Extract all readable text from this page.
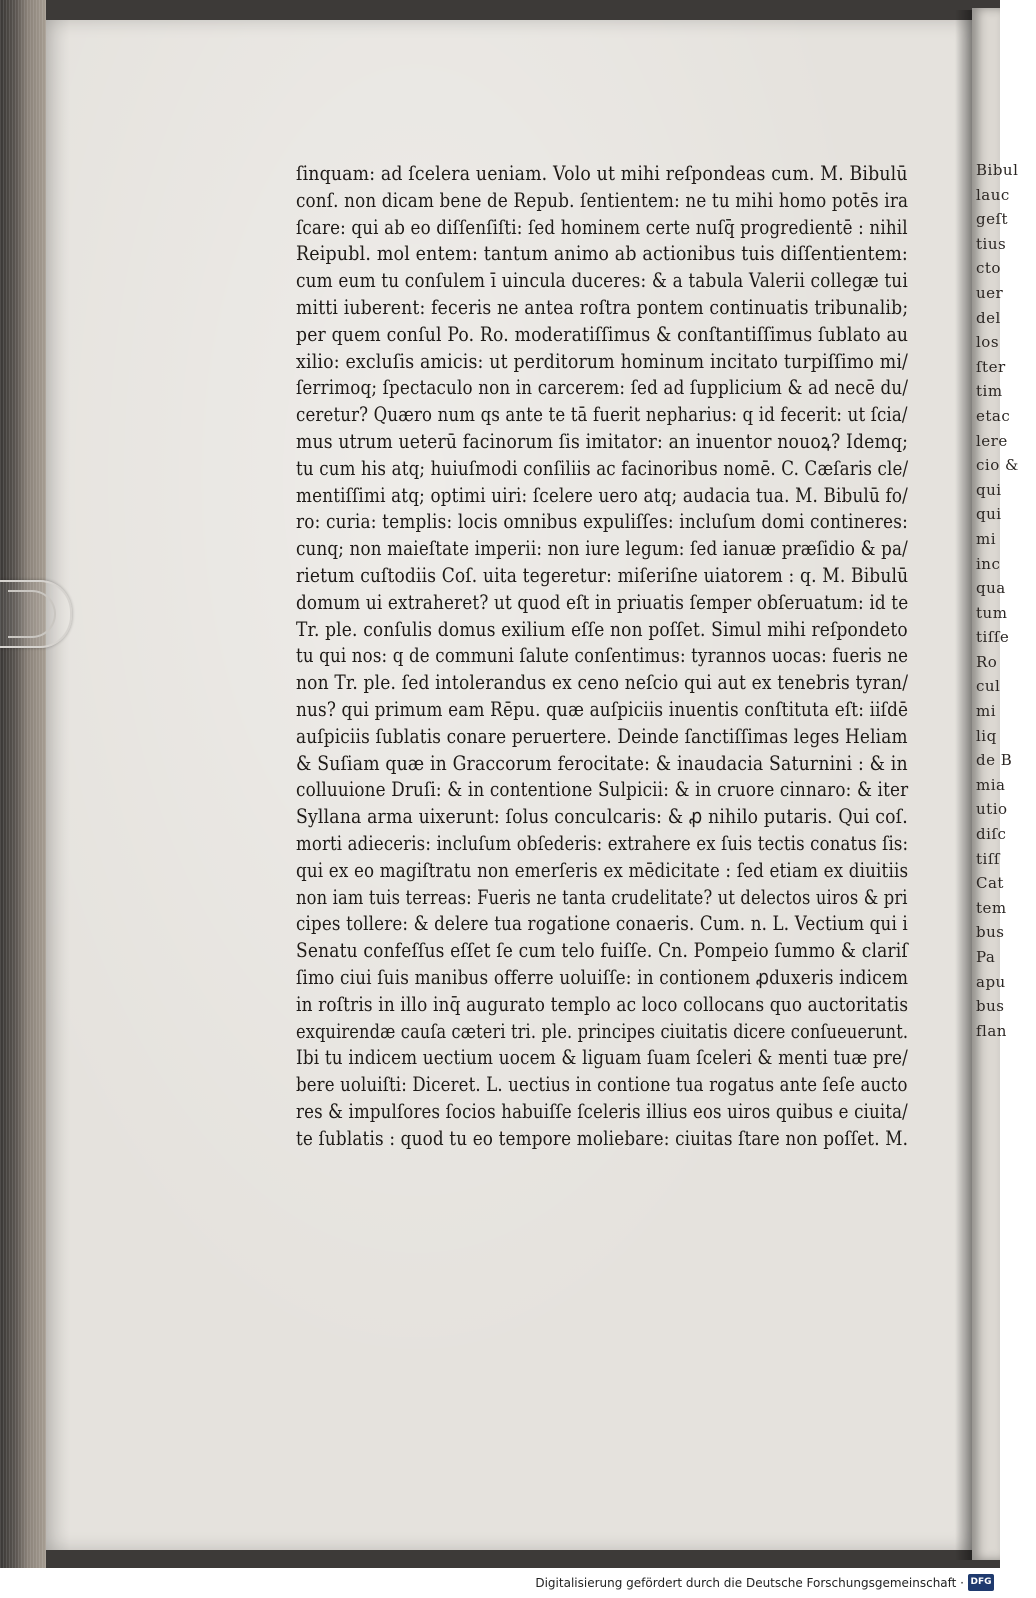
Bibul
lauc
geſt
tius
cto
uer
del
los
ſter
tim
etac
lere
cio &
qui
qui
mi
inc
qua
tum
tiſſe
Ro
cul
mi
liq
de B
mia
utio
diſc
tiſſ
Cat
tem
bus
Pa
apu
bus
flan
ſinquam: ad ſcelera ueniam. Volo ut mihi reſpondeas cum. M. Bibulū
conſ. non dicam bene de Repub. ſentientem: ne tu mihi homo potēs ira
ſcare: qui ab eo diſſenſiſti: ſed hominem certe nuſq̄ progredientē : nihil
Reipubl. mol entem: tantum animo ab actionibus tuis diſſentientem:
cum eum tu conſulem ī uincula duceres: & a tabula Valerii collegæ tui
mitti iuberent: feceris ne antea roſtra pontem continuatis tribunalib;
per quem conſul Po. Ro. moderatiſſimus & conſtantiſſimus ſublato au
xilio: excluſis amicis: ut perditorum hominum incitato turpiſſimo mi/
ſerrimoq; ſpectaculo non in carcerem: ſed ad ſupplicium & ad necē du/
ceretur? Quæro num qs ante te tā fuerit nepharius: q id fecerit: ut ſcia/
mus utrum ueterū facinorum ſis imitator: an inuentor nouoꝝ? Idemq;
tu cum his atq; huiuſmodi conſiliis ac facinoribus nomē. C. Cæſaris cle/
mentiſſimi atq; optimi uiri: ſcelere uero atq; audacia tua. M. Bibulū fo/
ro: curia: templis: locis omnibus expuliſſes: incluſum domi contineres:
cunq; non maieſtate imperii: non iure legum: ſed ianuæ præſidio & pa/
rietum cuſtodiis Coſ. uita tegeretur: miſeriſne uiatorem : q. M. Bibulū
domum ui extraheret? ut quod eſt in priuatis ſemper obſeruatum: id te
Tr. ple. conſulis domus exilium eſſe non poſſet. Simul mihi reſpondeto
tu qui nos: q de communi ſalute conſentimus: tyrannos uocas: fueris ne
non Tr. ple. ſed intolerandus ex ceno neſcio qui aut ex tenebris tyran/
nus? qui primum eam Rēpu. quæ auſpiciis inuentis conſtituta eſt: iiſdē
auſpiciis ſublatis conare peruertere. Deinde ſanctiſſimas leges Heliam
& Suſiam quæ in Graccorum ferocitate: & inaudacia Saturnini : & in
colluuione Druſi: & in contentione Sulpicii: & in cruore cinnaro: & iter
Syllana arma uixerunt: ſolus conculcaris: & ꝓ nihilo putaris. Qui coſ.
morti adieceris: incluſum obſederis: extrahere ex ſuis tectis conatus ſis:
qui ex eo magiſtratu non emerſeris ex mēdicitate : ſed etiam ex diuitiis
non iam tuis terreas: Fueris ne tanta crudelitate? ut delectos uiros & pri
cipes tollere: & delere tua rogatione conaeris. Cum. n. L. Vectium qui i
Senatu confeſſus eſſet ſe cum telo fuiſſe. Cn. Pompeio ſummo & clariſ
ſimo ciui ſuis manibus offerre uoluiſſe: in contionem ꝓduxeris indicem
in roſtris in illo inq̄ augurato templo ac loco collocans quo auctoritatis
exquirendæ cauſa cæteri tri. ple. principes ciuitatis dicere conſueuerunt.
Ibi tu indicem uectium uocem & liguam ſuam ſceleri & menti tuæ pre/
bere uoluiſti: Diceret. L. uectius in contione tua rogatus ante ſeſe aucto
res & impulſores ſocios habuiſſe ſceleris illius eos uiros quibus e ciuita/
te ſublatis : quod tu eo tempore moliebare: ciuitas ſtare non poſſet. M.
Digitalisierung gefördert durch die Deutsche Forschungsgemeinschaft · DFG
